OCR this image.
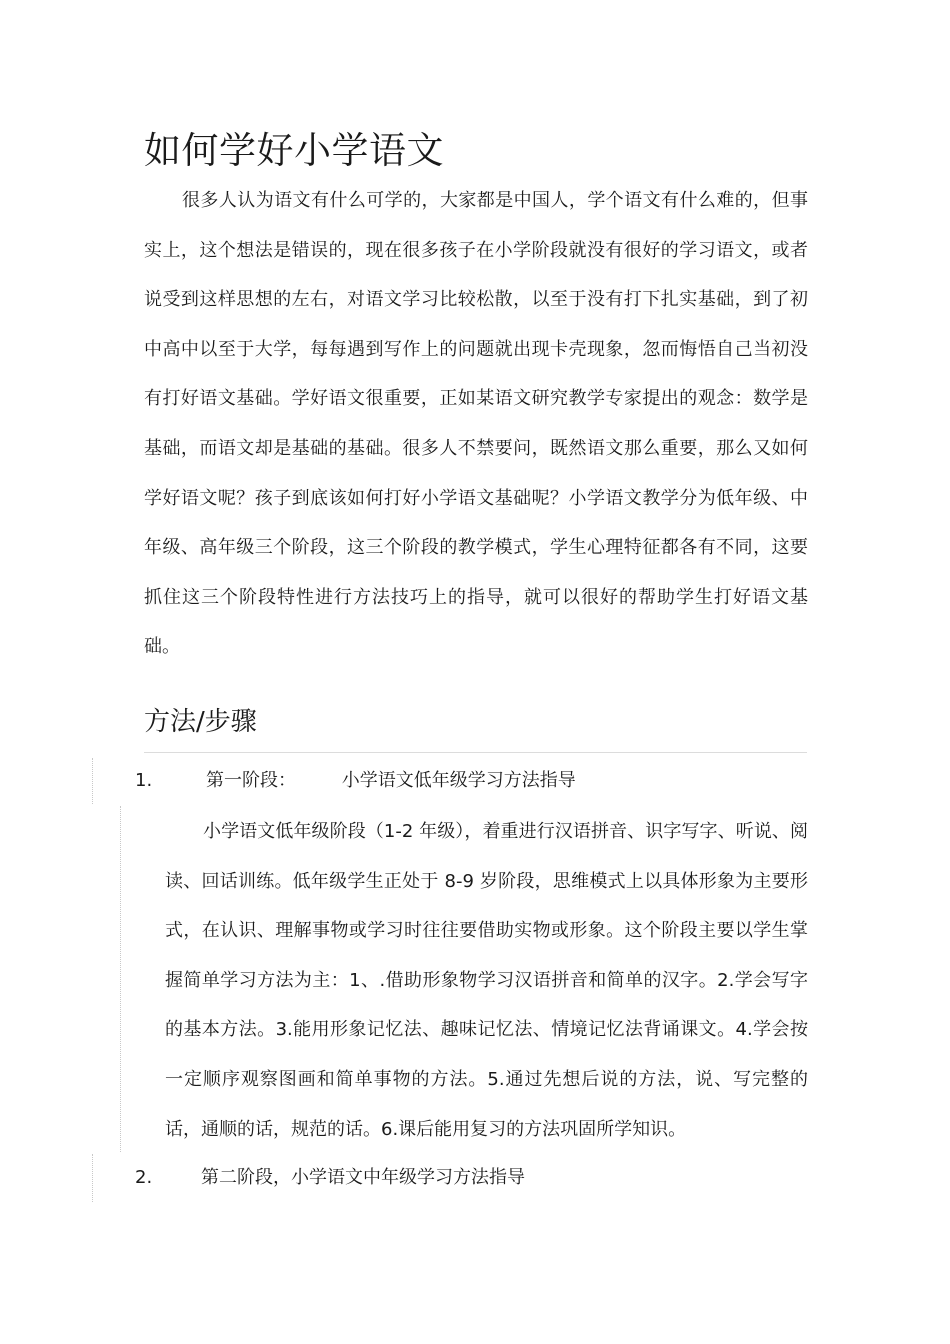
如何学好小学语文

很多人认为语文有什么可学的，大家都是中国人，学个语文有什么难的，但事实上，这个想法是错误的，现在很多孩子在小学阶段就没有很好的学习语文，或者说受到这样思想的左右，对语文学习比较松散，以至于没有打下扎实基础，到了初中高中以至于大学，每每遇到写作上的问题就出现卡壳现象，忽而悔悟自己当初没有打好语文基础。学好语文很重要，正如某语文研究教学专家提出的观念：数学是基础，而语文却是基础的基础。很多人不禁要问，既然语文那么重要，那么又如何学好语文呢？孩子到底该如何打好小学语文基础呢？小学语文教学分为低年级、中年级、高年级三个阶段，这三个阶段的教学模式，学生心理特征都各有不同，这要抓住这三个阶段特性进行方法技巧上的指导，就可以很好的帮助学生打好语文基础。

方法/步骤
1.	第一阶段：        小学语文低年级学习方法指导

小学语文低年级阶段（1-2 年级），着重进行汉语拼音、识字写字、听说、阅读、回话训练。低年级学生正处于 8-9 岁阶段，思维模式上以具体形象为主要形式，在认识、理解事物或学习时往往要借助实物或形象。这个阶段主要以学生掌握简单学习方法为主：1、.借助形象物学习汉语拼音和简单的汉字。2.学会写字的基本方法。3.能用形象记忆法、趣味记忆法、情境记忆法背诵课文。4.学会按一定顺序观察图画和简单事物的方法。5.通过先想后说的方法，说、写完整的话，通顺的话，规范的话。6.课后能用复习的方法巩固所学知识。

2.	第二阶段，小学语文中年级学习方法指导
